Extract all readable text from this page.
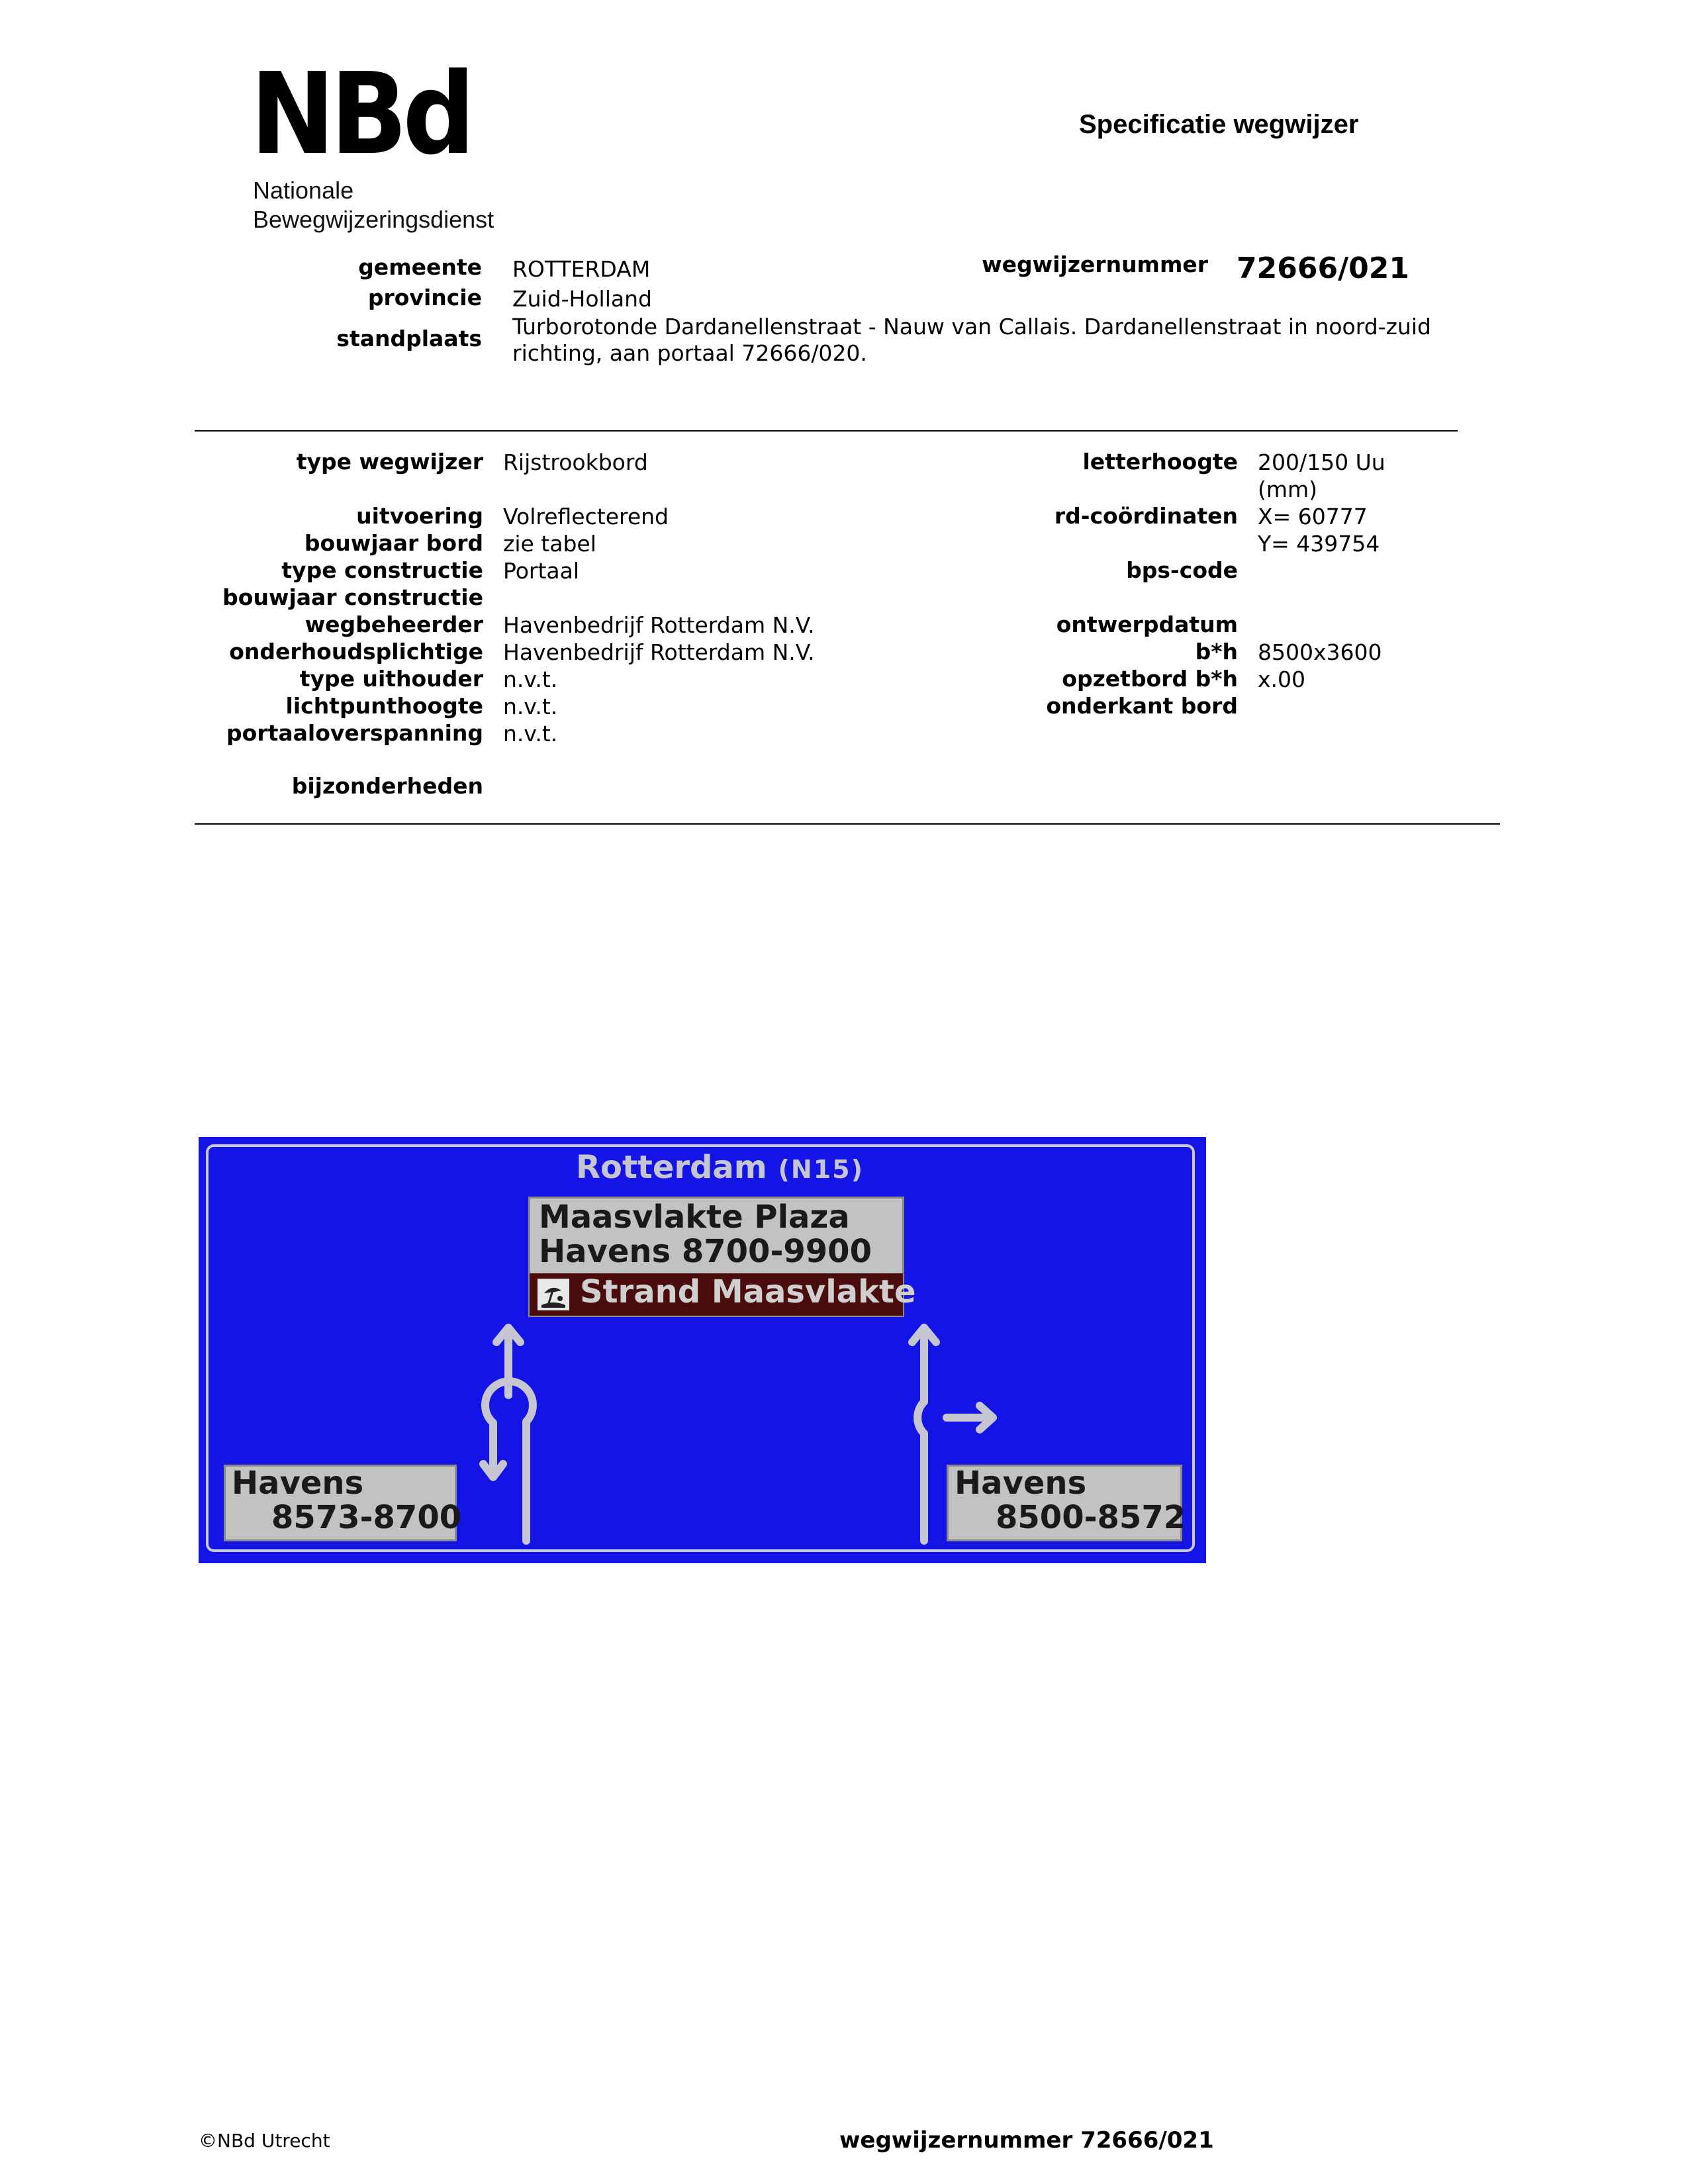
NBd
Nationale
Bewegwijzeringsdienst
Specificatie wegwijzer
gemeente ROTTERDAM
provincie Zuid-Holland
standplaats Turborotonde Dardanellenstraat - Nauw van Callais. Dardanellenstraat in noord-zuid
richting, aan portaal 72666/020.
wegwijzernummer 72666/021
type wegwijzer Rijstrookbord
uitvoering Volreflecterend
bouwjaar bord zie tabel
type constructie Portaal
bouwjaar constructie
wegbeheerder Havenbedrijf Rotterdam N.V.
onderhoudsplichtige Havenbedrijf Rotterdam N.V.
type uithouder n.v.t.
lichtpunthoogte n.v.t.
portaaloverspanning n.v.t.
bijzonderheden
letterhoogte 200/150 Uu
(mm)
rd-coördinaten X= 60777
Y= 439754
bps-code
ontwerpdatum
b*h 8500x3600
opzetbord b*h x.00
onderkant bord
Rotterdam (N15)
Maasvlakte Plaza
Havens 8700-9900
Strand Maasvlakte
Havens
8573-8700
Havens
8500-8572
©NBd Utrecht	wegwijzernummer 72666/021
